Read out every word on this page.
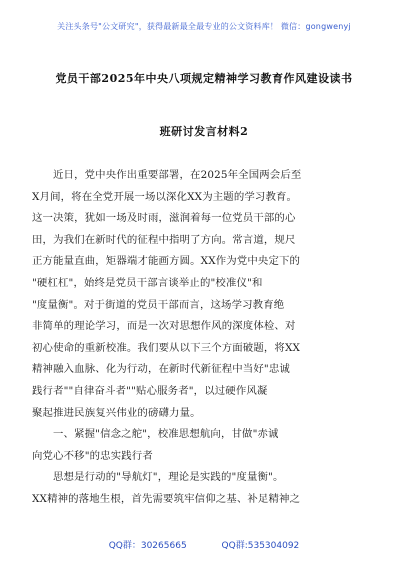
关注头条号"公文研究"，获得最新最全最专业的公文资料库！ 微信：gongwenyj
党员干部2025年中央八项规定精神学习教育作风建设读书
班研讨发言材料2
近日，党中央作出重要部署，在2025年全国两会后至
X月间，将在全党开展一场以深化XX为主题的学习教育。
这一决策，犹如一场及时雨，滋润着每一位党员干部的心
田，为我们在新时代的征程中指明了方向。常言道，规尺
正方能量直曲，矩器端才能画方圆。XX作为党中央定下的
"硬杠杠"，始终是党员干部言谈举止的"校准仪"和
"度量衡"。对于街道的党员干部而言，这场学习教育绝
非简单的理论学习，而是一次对思想作风的深度体检、对
初心使命的重新校准。我们要从以下三个方面破题，将XX
精神融入血脉、化为行动，在新时代新征程中当好"忠诚
践行者""自律奋斗者""贴心服务者"，以过硬作风凝
聚起推进民族复兴伟业的磅礴力量。
一、紧握"信念之舵"，校准思想航向，甘做"赤诚
向党心不移"的忠实践行者
思想是行动的"导航灯"，理论是实践的"度量衡"。
XX精神的落地生根，首先需要筑牢信仰之基、补足精神之
QQ群：30265665	QQ群:535304092
